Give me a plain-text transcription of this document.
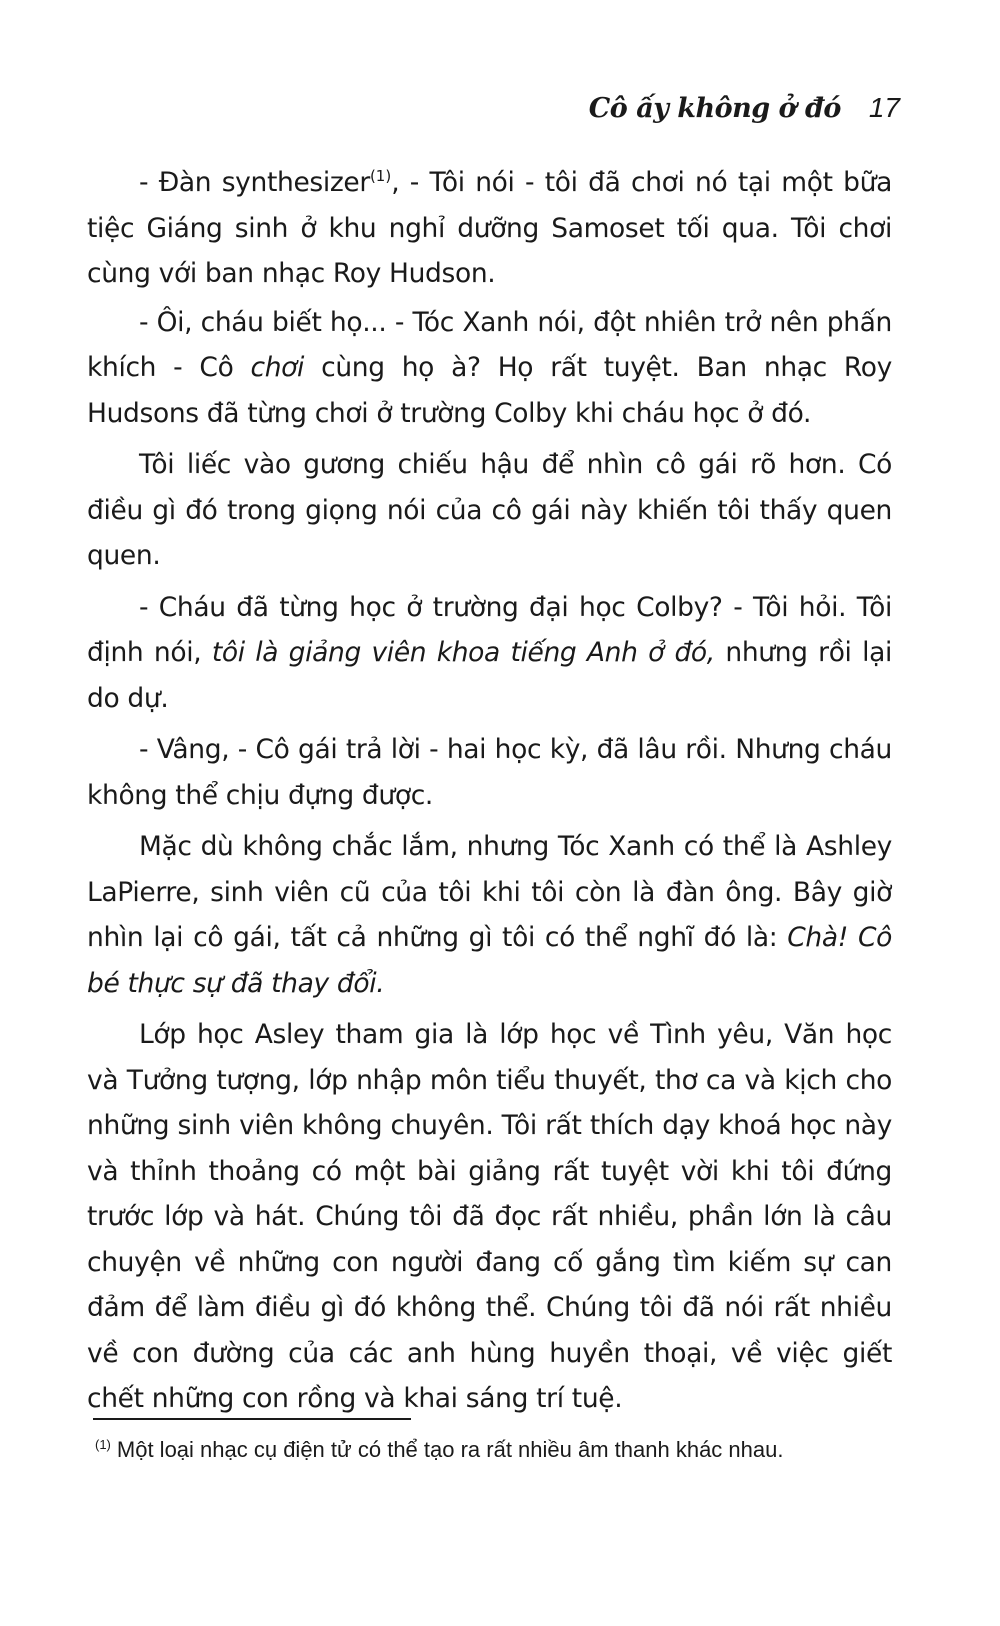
Cô ấy không ở đó 17

- Đàn synthesizer$^{(1)}$, - Tôi nói - tôi đã chơi nó tại một bữa tiệc Giáng sinh ở khu nghỉ dưỡng Samoset tối qua. Tôi chơi cùng với ban nhạc Roy Hudson.

- Ôi, cháu biết họ... - Tóc Xanh nói, đột nhiên trở nên phấn khích - Cô chơi cùng họ à? Họ rất tuyệt. Ban nhạc Roy Hudsons đã từng chơi ở trường Colby khi cháu học ở đó.

Tôi liếc vào gương chiếu hậu để nhìn cô gái rõ hơn. Có điều gì đó trong giọng nói của cô gái này khiến tôi thấy quen quen.

- Cháu đã từng học ở trường đại học Colby? - Tôi hỏi. Tôi định nói, tôi là giảng viên khoa tiếng Anh ở đó, nhưng rồi lại do dự.

- Vâng, - Cô gái trả lời - hai học kỳ, đã lâu rồi. Nhưng cháu không thể chịu đựng được.

Mặc dù không chắc lắm, nhưng Tóc Xanh có thể là Ashley LaPierre, sinh viên cũ của tôi khi tôi còn là đàn ông. Bây giờ nhìn lại cô gái, tất cả những gì tôi có thể nghĩ đó là: Chà! Cô bé thực sự đã thay đổi.

Lớp học Asley tham gia là lớp học về Tình yêu, Văn học và Tưởng tượng, lớp nhập môn tiểu thuyết, thơ ca và kịch cho những sinh viên không chuyên. Tôi rất thích dạy khoá học này và thỉnh thoảng có một bài giảng rất tuyệt vời khi tôi đứng trước lớp và hát. Chúng tôi đã đọc rất nhiều, phần lớn là câu chuyện về những con người đang cố gắng tìm kiếm sự can đảm để làm điều gì đó không thể. Chúng tôi đã nói rất nhiều về con đường của các anh hùng huyền thoại, về việc giết chết những con rồng và khai sáng trí tuệ.

$^{(1)}$ Một loại nhạc cụ điện tử có thể tạo ra rất nhiều âm thanh khác nhau.
